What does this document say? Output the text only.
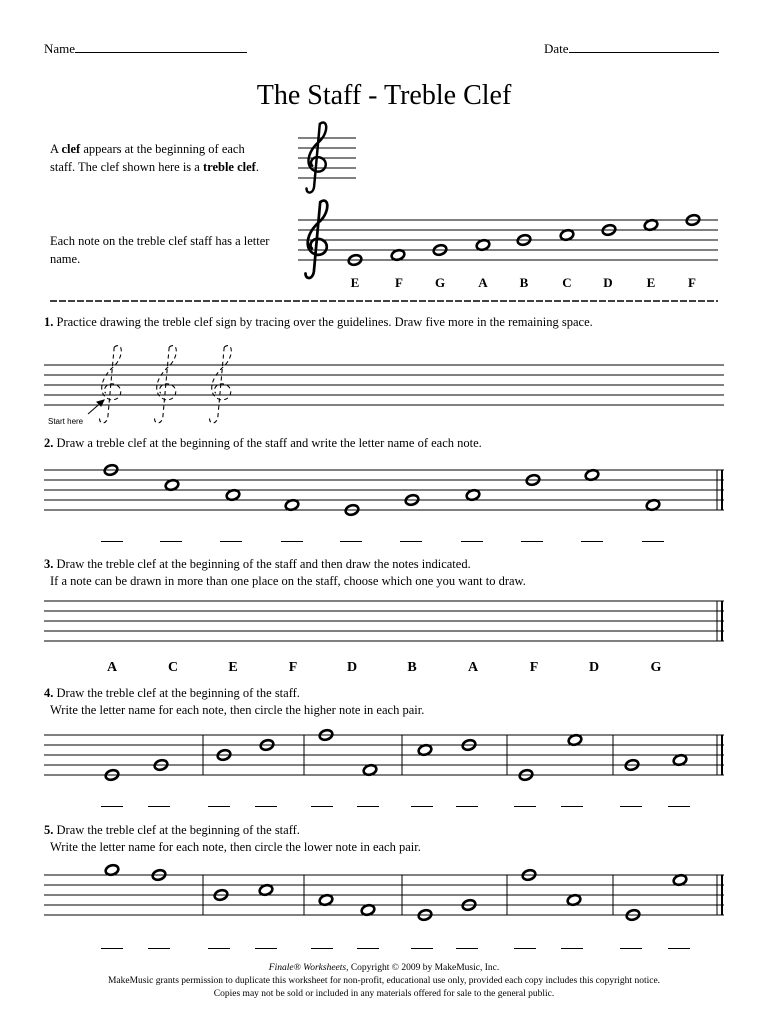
Name	Date
The Staff - Treble Clef
A clef appears at the beginning of each staff. The clef shown here is a treble clef.
Each note on the treble clef staff has a letter name.
E	F	G	A	B	C	D	E	F
1. Practice drawing the treble clef sign by tracing over the guidelines. Draw five more in the remaining space.
Start here
2. Draw a treble clef at the beginning of the staff and write the letter name of each note.
3. Draw the treble clef at the beginning of the staff and then draw the notes indicated.
If a note can be drawn in more than one place on the staff, choose which one you want to draw.
A	C	E	F	D	B	A	F	D	G
4. Draw the treble clef at the beginning of the staff.
Write the letter name for each note, then circle the higher note in each pair.
5. Draw the treble clef at the beginning of the staff.
Write the letter name for each note, then circle the lower note in each pair.
Finale® Worksheets, Copyright © 2009 by MakeMusic, Inc.
MakeMusic grants permission to duplicate this worksheet for non-profit, educational use only, provided each copy includes this copyright notice.
Copies may not be sold or included in any materials offered for sale to the general public.
